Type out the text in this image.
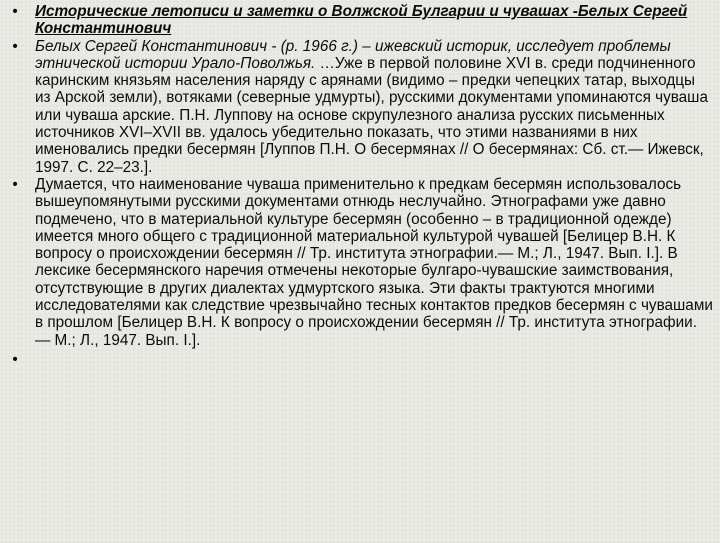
• Исторические летописи и заметки о Волжской Булгарии и чувашах -Белых Сергей Константинович
• Белых Сергей Константинович - (р. 1966 г.) – ижевский историк, исследует проблемы этнической истории Урало-Поволжья. …Уже в первой половине XVI в. среди подчиненного каринским князьям населения наряду с арянами (видимо – предки чепецких татар, выходцы из Арской земли), вотяками (северные удмурты), русскими документами упоминаются чуваша или чуваша арские. П.Н. Луппову на основе скрупулезного анализа русских письменных источников XVI–XVII вв. удалось убедительно показать, что этими названиями в них именовались предки бесермян [Луппов П.Н. О бесермянах // О бесермянах: Сб. ст.— Ижевск, 1997. С. 22–23.].
• Думается, что наименование чуваша применительно к предкам бесермян использовалось вышеупомянутыми русскими документами отнюдь неслучайно. Этнографами уже давно подмечено, что в материальной культуре бесермян (особенно – в традиционной одежде) имеется много общего с традиционной материальной культурой чувашей [Белицер В.Н. К вопросу о происхождении бесермян // Тр. института этнографии.— М.; Л., 1947. Вып. I.]. В лексике бесермянского наречия отмечены некоторые булгаро-чувашские заимствования, отсутствующие в других диалектах удмуртского языка. Эти факты трактуются многими исследователями как следствие чрезвычайно тесных контактов предков бесермян с чувашами в прошлом [Белицер В.Н. К вопросу о происхождении бесермян // Тр. института этнографии. — М.; Л., 1947. Вып. I.].
•
